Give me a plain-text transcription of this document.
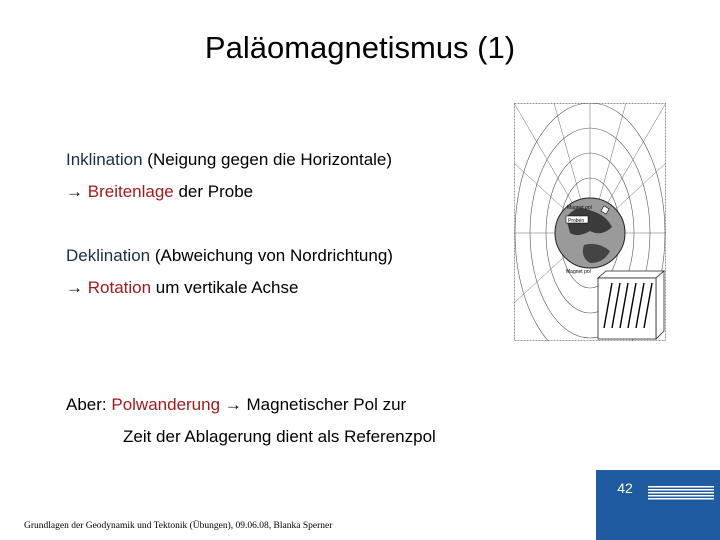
Paläomagnetismus (1)
Inklination (Neigung gegen die Horizontale)
→ Breitenlage der Probe
Deklination (Abweichung von Nordrichtung)
→ Rotation um vertikale Achse
Aber: Polwanderung → Magnetischer Pol zur
Zeit der Ablagerung dient als Referenzpol
Magnet pol
Proben
Magnet pol
Grundlagen der Geodynamik und Tektonik (Übungen), 09.06.08, Blanka Sperner
42
